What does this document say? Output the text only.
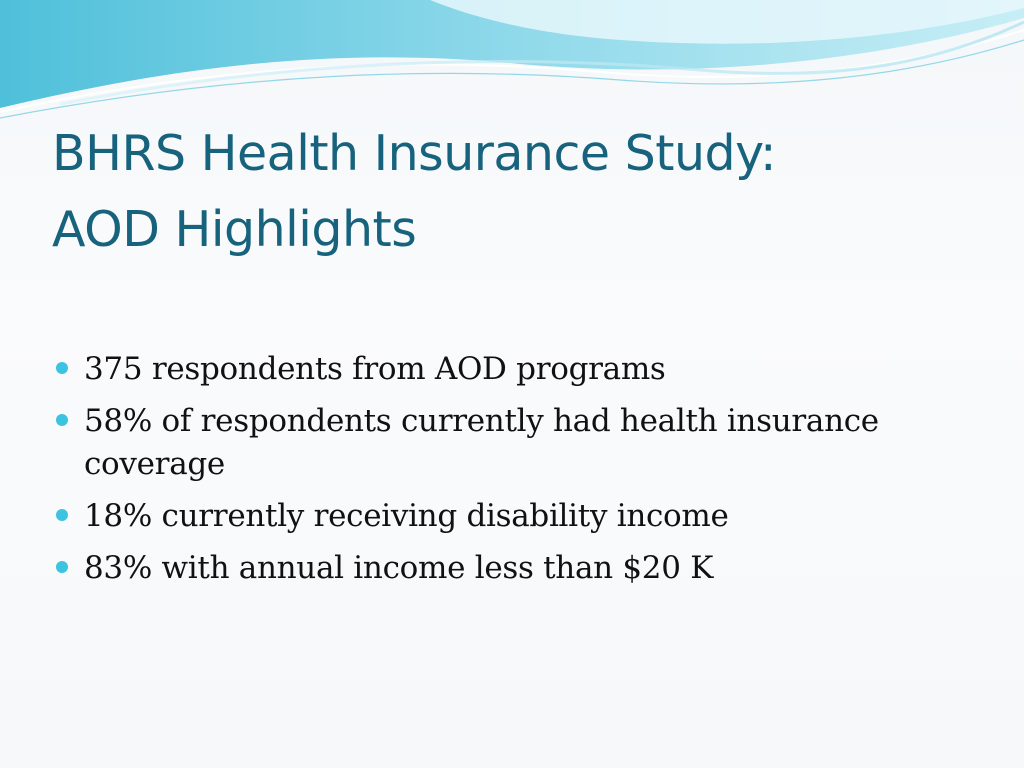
BHRS Health Insurance Study:
AOD Highlights
375 respondents from AOD programs
58% of respondents currently had health insurance coverage
18% currently receiving disability income
83% with annual income less than $20 K
